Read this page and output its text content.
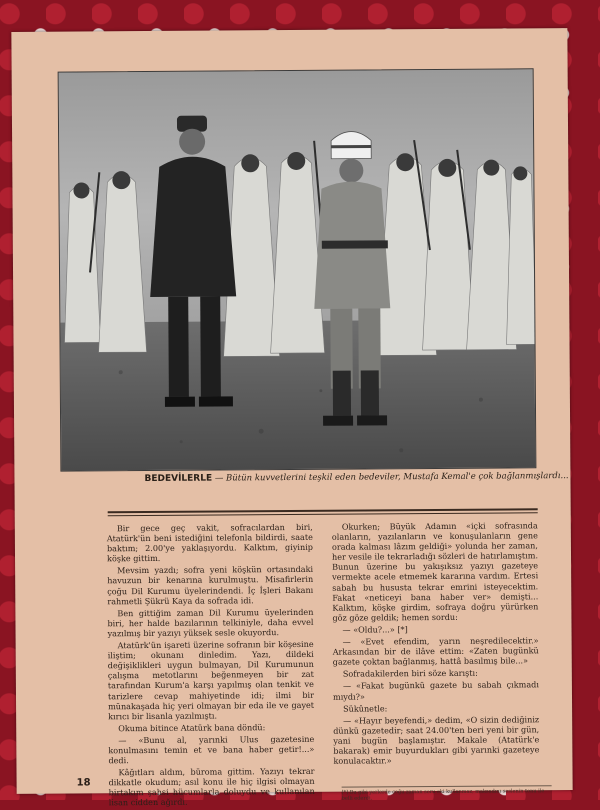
BEDEVİLERLE — Bütün kuvvetlerini teşkil eden bedeviler, Mustafa Kemal'e çok bağlanmışlardı...

Bir gece geç vakit, sofracılardan biri, Atatürk'ün beni istediğini telefonla bildirdi, saate baktım; 2.00'ye yaklaşıyordu. Kalktım, giyinip köşke gittim.

Mevsim yazdı; sofra yeni köşkün ortasındaki havuzun bir kenarına kurulmuştu. Misafirlerin çoğu Dil Kurumu üyelerindendi. İç İşleri Bakanı rahmetli Şükrü Kaya da sofrada idi.

Ben gittiğim zaman Dil Kurumu üyelerinden biri, her halde bazılarının telkiniyle, daha evvel yazılmış bir yazıyı yüksek sesle okuyordu.

Atatürk'ün işareti üzerine sofranın bir köşesine iliştim; okunanı dinledim. Yazı, dildeki değişiklikleri uygun bulmayan, Dil Kurumunun çalışma metotlarını beğenmeyen bir zat tarafından Kurum'a karşı yapılmış olan tenkit ve tarizlere cevap mahiyetinde idi; ilmi bir münakaşada hiç yeri olmayan bir eda ile ve gayet kırıcı bir lisanla yazılmıştı.

Okuma bitince Atatürk bana döndü:

— «Bunu al, yarınki Ulus gazetesine konulmasını temin et ve bana haber getir!...» dedi.

Kâğıtları aldım, büroma gittim. Yazıyı tekrar dikkatle okudum; asıl konu ile hiç ilgisi olmayan birtakım şahsi hücumlarla doluydu ve kullanılan lisan cidden ağırdı.

Okurken; Büyük Adamın «içki sofrasında olanların, yazılanların ve konuşulanların gene orada kalması lâzım geldiği» yolunda her zaman, her vesile ile tekrarladığı sözleri de hatırlamıştım. Bunun üzerine bu yakışıksız yazıyı gazeteye vermekte acele etmemek kararına vardım. Ertesi sabah bu hususta tekrar emrini isteyecektim. Fakat «neticeyi bana haber ver» demişti... Kalktım, köşke girdim, sofraya doğru yürürken göz göze geldik; hemen sordu:

— «Oldu?...» [*]

— «Evet efendim, yarın neşredilecektir.» Arkasından bir de ilâve ettim: «Zaten bugünkü gazete çoktan bağlanmış, hattâ basılmış bile...»

Sofradakilerden biri söze karıştı:

— «Fakat bugünkü gazete bu sabah çıkmadı mıydı?»

Sükûnetle:

— «Hayır beyefendi,» dedim, «O sizin dediğiniz dünkü gazetedir; saat 24.00'ten beri yeni bir gün, yani bugün başlamıştır. Makale (Atatürk'e bakarak) emir buyurdukları gibi yarınki gazeteye konulacaktır.»

[*] Bu gibi yerlerde çoğu zaman soru eki kullanmaz, maksadını seslenin tonu ile belli ederdi.
18
